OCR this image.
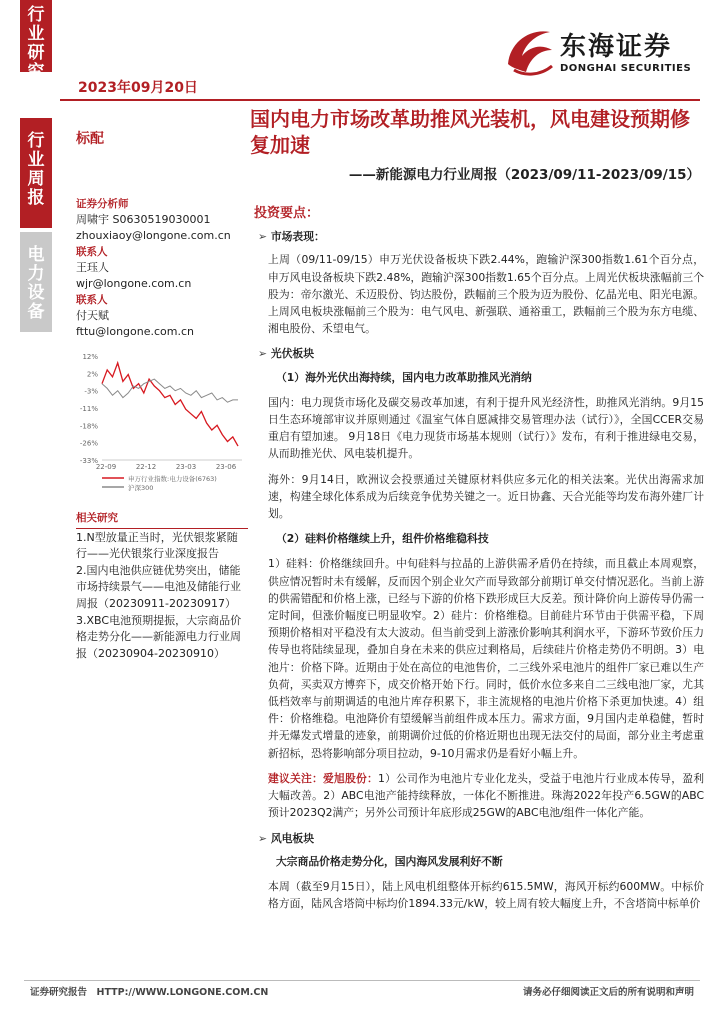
行业
研究
行业
周报
电力
设备
2023年09月20日
东海证券
DONGHAI SECURITIES
标配
国内电力市场改革助推风光装机，风电建设预期修复加速
——新能源电力行业周报（2023/09/11-2023/09/15）
证券分析师
周啸宇 S0630519030001
zhouxiaoy@longone.com.cn
联系人
王珏人
wjr@longone.com.cn
联系人
付天赋
fttu@longone.com.cn
12%
2%
-3%
-11%
-18%
-26%
-33%
22-09	22-12	23-03	23-06
申万行业指数:电力设备(6763)
沪深300
相关研究
1.N型放量正当时，光伏银浆紧随行——光伏银浆行业深度报告
2.国内电池供应链优势突出，储能市场持续景气——电池及储能行业周报（20230911-20230917）
3.XBC电池预期提振，大宗商品价格走势分化——新能源电力行业周报（20230904-20230910）
投资要点：
➢ 市场表现：

上周（09/11-09/15）申万光伏设备板块下跌2.44%，跑输沪深300指数1.61个百分点，申万风电设备板块下跌2.48%，跑输沪深300指数1.65个百分点。上周光伏板块涨幅前三个股为：帝尔激光、禾迈股份、钧达股份，跌幅前三个股为迈为股份、亿晶光电、阳光电源。上周风电板块涨幅前三个股为：电气风电、新强联、通裕重工，跌幅前三个股为东方电缆、湘电股份、禾望电气。

➢ 光伏板块
（1）海外光伏出海持续，国内电力改革助推风光消纳

国内：电力现货市场化及碳交易改革加速，有利于提升风光经济性，助推风光消纳。9月15日生态环境部审议并原则通过《温室气体自愿减排交易管理办法（试行）》，全国CCER交易重启有望加速。 9月18日《电力现货市场基本规则（试行）》发布，有利于推进绿电交易，从而助推光伏、风电装机提升。

海外：9月14日，欧洲议会投票通过关键原材料供应多元化的相关法案。光伏出海需求加速，构建全球化体系成为后续竞争优势关键之一。近日协鑫、天合光能等均发布海外建厂计划。

（2）硅料价格继续上升，组件价格维稳科技

1）硅料：价格继续回升。中旬硅料与拉晶的上游供需矛盾仍在持续，而且截止本周观察，供应情况暂时未有缓解，反而因个别企业欠产而导致部分前期订单交付情况恶化。当前上游的供需错配和价格上涨，已经与下游的价格下跌形成巨大反差。预计降价向上游传导仍需一定时间，但涨价幅度已明显收窄。2）硅片：价格维稳。目前硅片环节由于供需平稳，下周预期价格相对平稳没有太大波动。但当前受到上游涨价影响其利润水平，下游环节致价压力传导也将陆续显现，叠加自身在未来的供应过剩格局，后续硅片价格走势仍不明朗。3）电池片：价格下降。近期由于处在高位的电池售价，二三线外采电池片的组件厂家已难以生产负荷，买卖双方博弈下，成交价格开始下行。同时，低价水位多来自二三线电池厂家，尤其低档效率与前期调适的电池片库存积累下，非主流规格的电池片价格下杀更加快速。4）组件：价格维稳。电池降价有望缓解当前组件成本压力。需求方面，9月国内走单稳健，暂时并无爆发式增量的迹象，前期调价过低的价格近期也出现无法交付的局面，部分业主考虑重新招标，恐将影响部分项目拉动，9-10月需求仍是看好小幅上升。

建议关注：爱旭股份：1）公司作为电池片专业化龙头，受益于电池片行业成本传导，盈利大幅改善。2）ABC电池产能持续释放，一体化不断推进。珠海2022年投产6.5GW的ABC预计2023Q2满产；另外公司预计年底形成25GW的ABC电池/组件一体化产能。

➢ 风电板块
大宗商品价格走势分化，国内海风发展利好不断

本周（截至9月15日），陆上风电机组整体开标约615.5MW，海风开标约600MW。中标价格方面，陆风含塔筒中标均价1894.33元/kW，较上周有较大幅度上升，不含塔筒中标单价

证券研究报告　HTTP://WWW.LONGONE.COM.CN	请务必仔细阅读正文后的所有说明和声明
